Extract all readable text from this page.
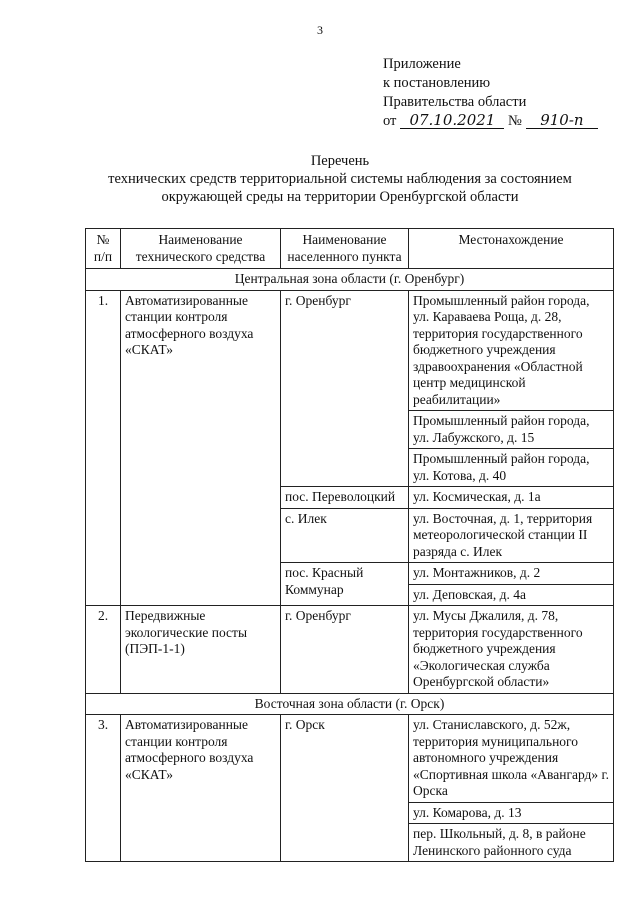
3
Приложение
к постановлению
Правительства области
от 07.10.2021 № 910-п
Перечень
технических средств территориальной системы наблюдения за состоянием
окружающей среды на территории Оренбургской области
№
п/п	Наименование технического средства	Наименование населенного пункта	Местонахождение
Центральная зона области (г. Оренбург)			
1.	Автоматизированные станции контроля атмосферного воздуха «СКАТ»	г. Оренбург	Промышленный район города, ул. Караваева Роща, д. 28, территория государственного бюджетного учреждения здравоохранения «Областной центр медицинской реабилитации»
			Промышленный район города, ул. Лабужского, д. 15
			Промышленный район города, ул. Котова, д. 40
		пос. Переволоцкий	ул. Космическая, д. 1а
		с. Илек	ул. Восточная, д. 1, территория метеорологической станции II разряда с. Илек
		пос. Красный Коммунар	ул. Монтажников, д. 2
			ул. Деповская, д. 4а
2.	Передвижные экологические посты (ПЭП-1-1)	г. Оренбург	ул. Мусы Джалиля, д. 78, территория государственного бюджетного учреждения «Экологическая служба Оренбургской области»
Восточная зона области (г. Орск)			
3.	Автоматизированные станции контроля атмосферного воздуха «СКАТ»	г. Орск	ул. Станиславского, д. 52ж, территория муниципального автономного учреждения «Спортивная школа «Авангард» г. Орска
			ул. Комарова, д. 13
			пер. Школьный, д. 8, в районе Ленинского районного суда
